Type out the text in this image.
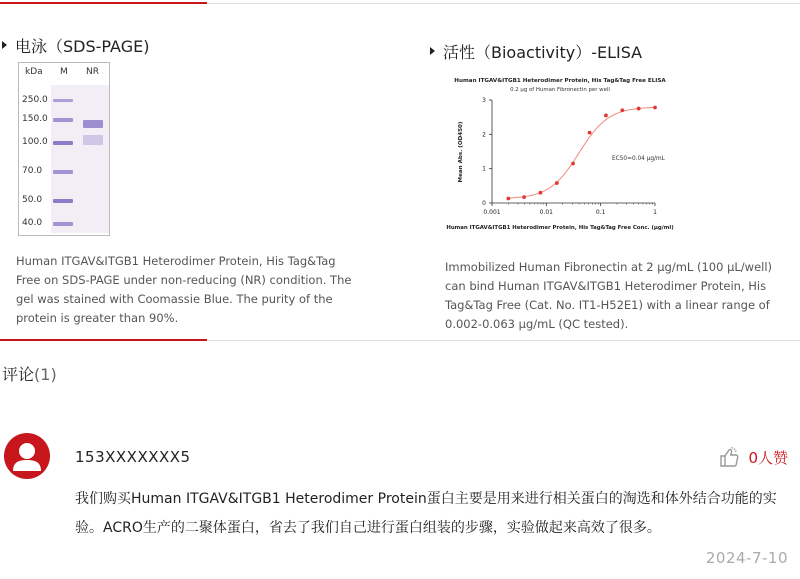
电泳（SDS-PAGE)
kDa M NR
250.0
150.0
100.0
70.0
50.0
40.0
Human ITGAV&ITGB1 Heterodimer Protein, His Tag&Tag Free on SDS-PAGE under non-reducing (NR) condition. The gel was stained with Coomassie Blue. The purity of the protein is greater than 90%.
活性（Bioactivity）-ELISA
Human ITGAV&ITGB1 Heterodimer Protein, His Tag&Tag Free ELISA
0.2 μg of Human Fibronectin per well
0.001	0.01	0.1	1
0
1
2
3
Mean Abs. (OD450)
Human ITGAV&ITGB1 Heterodimer Protein, His Tag&Tag Free Conc. (μg/ml)
EC50=0.04 μg/mL
Immobilized Human Fibronectin at 2 μg/mL (100 μL/well) can bind Human ITGAV&ITGB1 Heterodimer Protein, His Tag&Tag Free (Cat. No. IT1-H52E1) with a linear range of 0.002-0.063 μg/mL (QC tested).
评论(1)
153XXXXXXX5	0人赞
我们购买Human ITGAV&ITGB1 Heterodimer Protein蛋白主要是用来进行相关蛋白的淘选和体外结合功能的实验。ACRO生产的二聚体蛋白，省去了我们自己进行蛋白组装的步骤，实验做起来高效了很多。
2024-7-10
